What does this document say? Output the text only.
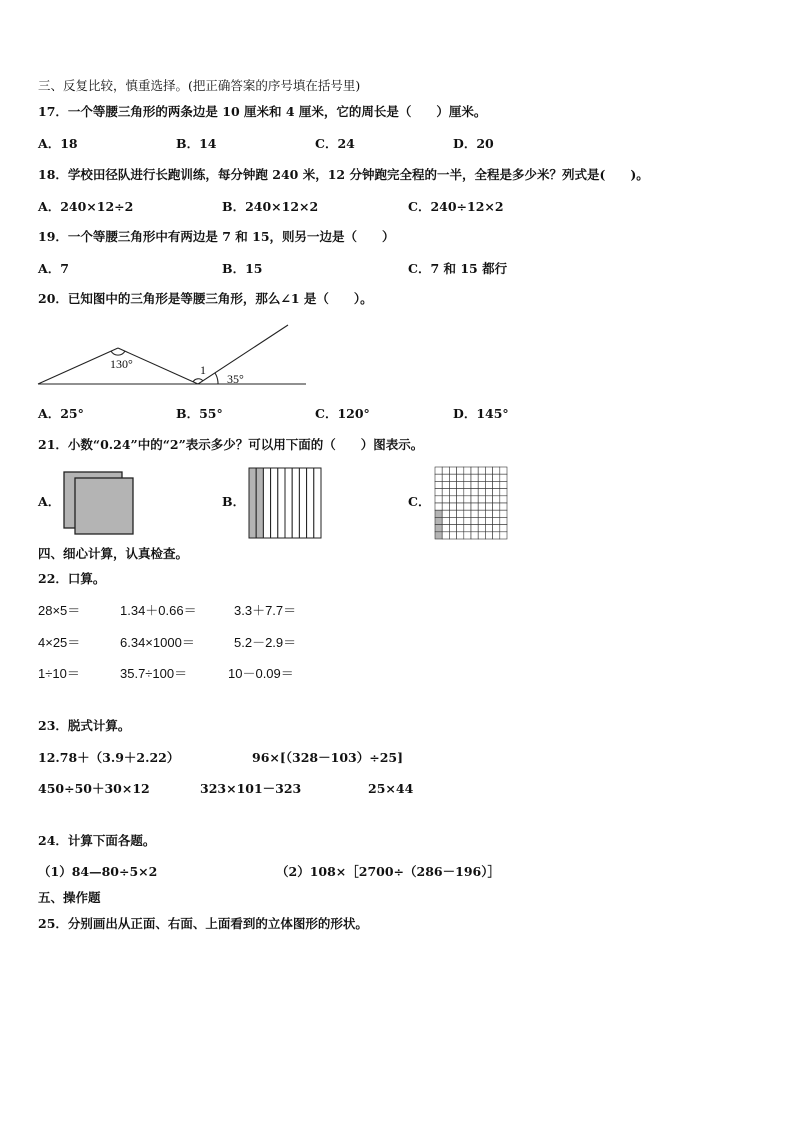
三、反复比较，慎重选择。(把正确答案的序号填在括号里)
17．一个等腰三角形的两条边是 10 厘米和 4 厘米，它的周长是（　　）厘米。
A．18	B．14	C．24	D．20
18．学校田径队进行长跑训练，每分钟跑 240 米，12 分钟跑完全程的一半，全程是多少米？列式是(　　)。
A．240×12÷2	B．240×12×2	C．240÷12×2
19．一个等腰三角形中有两边是 7 和 15，则另一边是（　　）
A．7	B．15	C．7 和 15 都行
20．已知图中的三角形是等腰三角形，那么∠1 是（　　）。
130°	1
35°
A．25°	B．55°	C．120°	D．145°
21．小数“0.24”中的“2”表示多少？可以用下面的（　　）图表示。
A．	B．	C．
四、细心计算，认真检查。
22．口算。
28×5＝	1.34＋0.66＝	3.3＋7.7＝
4×25＝	6.34×1000＝	5.2－2.9＝
1÷10＝	35.7÷100＝	10－0.09＝
23．脱式计算。
12.78＋（3.9＋2.22）	96×[（328－103）÷25]
450÷50＋30×12	323×101－323	25×44
24．计算下面各题。
（1）84—80÷5×2	（2）108×［2700÷（286－196）］
五、操作题
25．分别画出从正面、右面、上面看到的立体图形的形状。
